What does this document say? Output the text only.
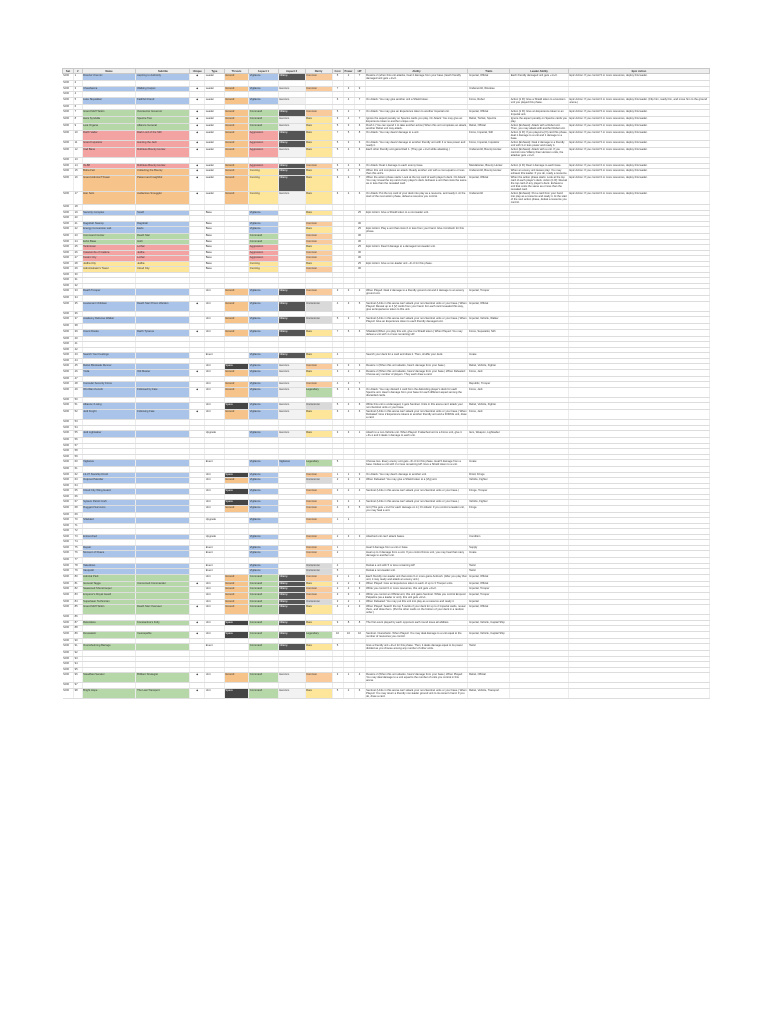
Set	#	Name	Subtitle	Unique	Type	Thrusts	Aspect 1	Aspect 2	Rarity	Cost	Power	HP	Ability	Traits	Leader Ability	Epic Action
SOR	1	Director Krennic	Aspiring to Authority	◆	Leader	Ground	Vigilance	Villainy	Common	5	2	7	Restore 2 (when this unit attacks, heal 2 damage from your base.) Each friendly damaged unit gets +1/+0.	Imperial, Official	Each friendly damaged unit gets +1/+0.	Epic Action: If you control 5 or more resources, deploy this leader.
SOR	2															
SOR	3	Chewbacca	Walking Carpet	◆	Leader	Ground	Vigilance	Heroism	Common	7	3	9		Underworld, Wookiee		
SOR	4															
SOR	5	Luke Skywalker	Faithful Friend	◆	Leader	Ground	Vigilance	Heroism		6	4	7	On Attack: You may give another unit a Shield token.	Force, Rebel	Action [1 R]: Give a Shield token to a Heroism unit you played this phase.	Epic Action: If you control 6 or more resources, deploy this leader. (Flip him, ready him, and move him to the ground arena.)
SOR	6															
SOR	7	Grand Moff Tarkin	Oversector Governor	◆	Leader	Ground	Command	Villainy	Common	5	2	7	On Attack: You may give an Experience token to another Imperial unit.	Imperial, Official	Action [1 R]: Give an Experience token to an Imperial unit.	Epic Action: If you control 5 or more resources, deploy this leader.
SOR	8	Hera Syndulla	Spectre Two	◆	Leader	Ground	Command	Heroism	Rare	6	4	7	Ignore the aspect penalty on Spectre cards you play. On Attack: You may give an Experience token to another unique unit.	Rebel, Twi'lek, Spectre	Ignore the aspect penalty on Spectre cards you play.	Epic Action: If you control 6 or more resources, deploy this leader.
SOR	9	Leia Organa	Alliance General	◆	Leader	Ground	Command	Heroism	Rare	5	3	6	Rush 1 (You can spend 1 to take another action) When this unit completes an attack, another Rebel unit may attack.	Rebel, Official	Action [Exhaust]: Attack with a Rebel unit. Then, you may attack with another Rebel unit.	Epic Action: If you control 5 or more resources, deploy this leader.
SOR	10	Darth Vader	Dark Lord of the Sith	◆	Leader	Ground	Aggression	Villainy	Rare	7	5	8	On Attack: You may deal 2 damage to a unit.	Force, Imperial, Sith	Action [1 R]: If you played a [V] card this phase, deal 1 damage to a unit and 1 damage to a base.	Epic Action: If you control 7 or more resources, deploy this leader.
SOR	11	Grand Inquisitor	Hunting the Jedi	◆	Leader	Ground	Aggression	Villainy	Rare	5	3	6	On Attack: You may deal 2 damage to another friendly unit with 3 or less power and ready it.	Force, Imperial, Inquisitor	Action [Exhaust]: Deal 2 damage to a friendly unit with 3 or less power and ready it.	Epic Action: If you control 5 or more resources, deploy this leader.
SOR	12	Cad Bane	Ruthless Bounty Hunter	◆	Leader	Ground	Aggression	Heroism	Rare	5	4	6	Each other friendly unit gains Raid 1. (They get +1/+0 while attacking.)	Underworld, Bounty Hunter	Action [Exhaust]: Attack with a unit. If you control more Villainy than Heroism units, the attacker gets +1/+0.	Epic Action: If you control 5 or more resources, deploy this leader.
SOR	13															
SOR	14	IG-88	Ruthless Bounty Hunter	◆	Leader	Ground	Aggression	Villainy	Common	6	4	6	On Attack: Deal 1 damage to each enemy base.	Mandalorian, Bounty Hunter	Action [1 R]: Deal 1 damage to each base.	Epic Action: If you control 6 or more resources, deploy this leader.
SOR	15	Boba Fett	Collecting the Bounty	◆	Leader	Ground	Cunning	Villainy	Rare	5	4	5	When this unit completes an attack: Ready another unit with a cost equal to or less than this unit's.	Underworld, Bounty Hunter	When an enemy unit leaves play: You may exhaust this leader. If you do, ready a resource.	Epic Action: If you control 5 or more resources, deploy this leader.
SOR	16	Grand Admiral Thrawn	Patient and Insightful	◆	Leader	Ground	Cunning	Villainy	Rare	6	4	7	When the action phase starts: Look at the top card of each player's deck. On Attack: You may reveal the top card of any player's deck. Exhaust a unit that costs the same as or less than the revealed card.	Imperial, Official	When the action phase starts: Look at the top card of each player's deck. Action [1 R]: Reveal the top card of any player's deck. Exhaust a unit that costs the same as or less than the revealed card.	Epic Action: If you control 6 or more resources, deploy this leader.
SOR	17	Han Solo	Audacious Smuggler	◆	Leader	Ground	Cunning	Heroism	Rare	6	4	6	On Attack: Put the top card of your deck into play as a resource, and ready it. At the start of the next action phase, defeat a resource you control.	Underworld	Action [Exhaust]: Put a card from your hand into play as a resource and ready it. At the start of the next action phase, defeat a resource you control.	Epic Action: If you control 6 or more resources, deploy this leader.
SOR	18															
SOR	19	Security Complex	Scarif		Base		Vigilance		Rare			25	Epic Action: Give a Shield token to a non-leader unit.			
SOR	20															
SOR	21	Dagobah Swamp	Dagobah		Base		Vigilance		Common			30				
SOR	22	Energy Conversion Lab	Eadu		Base		Vigilance		Rare			25	Epic Action: Play a unit that costs 6 or less from your hand. Give it Ambush for this phase.			
SOR	23	Command Center	Death Star		Base		Command		Common			30				
SOR	24	Echo Base	Hoth		Base		Command		Common			30				
SOR	25	Tarkintown	Lothal		Base		Aggression		Rare			25	Epic Action: Deal 3 damage to a damaged non-leader unit.			
SOR	26	Catacombs of Cadera	Jedha		Base		Aggression		Common			30				
SOR	27	Kestro City	Lothal		Base		Aggression		Common			30				
SOR	28	Jedha City	Jedha		Base		Cunning		Rare			25	Epic Action: Give a non-leader unit –4/–0 for this phase.			
SOR	29	Administrator's Tower	Cloud City		Base		Cunning		Common			30				
SOR	30															
SOR	31															
SOR	32															
SOR	33	Death Trooper			Unit	Ground	Vigilance	Villainy	Common	3	3	3	When Played: Deal 2 damage to a friendly ground unit and 2 damage to an enemy ground unit.	Imperial, Trooper		
SOR	34															
SOR	35	Lieutenant Childsen	Death Star Prison Warden	◆	Unit	Ground	Vigilance	Villainy	Uncommon	4	3	5	Sentinel (Units in this arena can't attack your non-Sentinel units or your base.) When Played: Reveal up to 4 [V] cards from your hand. For each card revealed this way, give an Experience token to this unit.	Imperial, Official		
SOR	36															
SOR	37	Academy Defense Walker			Unit	Ground	Vigilance	Villainy	Uncommon	5	3	7	Sentinel (Units in this arena can't attack your non-Sentinel units or your base.) When Played: Give an Experience token to each friendly damaged unit.	Imperial, Vehicle, Walker		
SOR	38															
SOR	39	Count Dooku	Darth Tyranus	◆	Unit	Ground	Vigilance	Villainy	Rare	7	5	6	Shielded (When you play this unit, give it a Shield token.) When Played: You may defeat a unit with 4 or less remaining HP.	Force, Separatist, Sith		
SOR	40															
SOR	41															
SOR	42															
SOR	43	Search Your Feelings			Event		Vigilance	Villainy	Rare	4			Search your deck for a card and draw it. Then, shuffle your deck.	Innate		
SOR	44															
SOR	45	Rebel Blockade Runner			Unit	Space	Vigilance	Heroism	Common	3	3	3	Restore 1 (When this unit attacks, heal 1 damage from your base.)	Rebel, Vehicle, Fighter		
SOR	46	Yoda	Old Master	◆	Unit	Ground	Vigilance	Heroism	Rare	3	2	4	Restore 2 (When this unit attacks, heal 2 damage from your base.) When Defeated: Choose any number of players. They each draw a card.	Force, Jedi		
SOR	47															
SOR	48	Consular Security Force			Unit	Ground	Vigilance	Heroism	Common	4	3	7		Republic, Trooper		
SOR	49	Obi-Wan Kenobi	Followed by Fate	◆	Unit	Ground	Vigilance	Heroism	Legendary	6	4	6	On Attack: You may discard 1 card from the defending player's deck for each Spectre unit. Heal 1 damage from your base for each different aspect among the discarded cards.	Force, Jedi		
SOR	50															
SOR	51	Alliance X-wing			Unit	Space	Vigilance	Heroism	Uncommon	5	4	6	While this unit is undamaged, it gets Sentinel. Units in this arena can't attack your non-Sentinel units or your base.	Rebel, Vehicle, Fighter		
SOR	52	Jedi Knight	Following Fate	◆	Unit	Ground	Vigilance	Heroism	Rare	6	4	6	Sentinel (Units in this arena can't attack your non-Sentinel units or your base.) When Defeated: Give 2 Experience tokens to another friendly unit and a FORCE unit, draw a card.	Force, Jedi		
SOR	53															
SOR	54															
SOR	55	Jedi Lightsaber			Upgrade		Vigilance	Heroism	Rare	3	3	1	Attach to a non-Vehicle unit. When Played: If attached unit is a Force unit, give it +3/+1 and it deals 1 damage to each unit.	Item, Weapon, Lightsaber		
SOR	56															
SOR	57															
SOR	58															
SOR	59															
SOR	60	Vigilance			Event		Vigilance	Vigilance	Legendary	5			Choose two. Every enemy unit gets –6/–0 for this phase. Heal 5 damage from a base. Defeat a unit with 3 or less remaining HP. Give a Shield token to a unit.	Innate		
SOR	61															
SOR	62	L3-37 Starship Droid			Unit	Space	Vigilance		Common	1	1	3	On Attack: You may deal 1 damage to another unit.	Droid, Fringe		
SOR	63	Outpost Patroller			Unit	Ground	Vigilance		Uncommon	2	2	3	When Defeated: You may give a Shield token to a [Vig] unit.	Vehicle, Fighter		
SOR	64															
SOR	65	Cloud City Wing Guard			Unit	Space	Vigilance		Common	3	2	4	Sentinel (Units in this arena can't attack your non-Sentinel units or your base.)	Fringe, Trooper		
SOR	66															
SOR	67	System Patrol Craft			Unit	Space	Vigilance		Common	3	2	4	Sentinel (Units in this arena can't attack your non-Sentinel units or your base.)	Vehicle, Fighter		
SOR	68	Ruggard Survivors			Unit	Ground	Vigilance		Common	4	3	5	Grit (This gets +1/+0 for each damage on it.) On Attack: If you control a leader unit, you may heal a unit.	Fringe		
SOR	69															
SOR	70	Shielded			Upgrade		Vigilance		Common	1	1					
SOR	71															
SOR	72															
SOR	73	Entrenched			Upgrade		Vigilance		Common	2	3	3	Attached unit can't attack bases.	Condition		
SOR	74															
SOR	75	Repair			Event		Vigilance		Common	1			Heal 3 damage from a unit or base.	Supply		
SOR	76	Moment of Peace			Event		Vigilance		Common	2			Heal up to 3 damage from a unit. If you control Force unit, you may heal that many damage to another unit.	Innate		
SOR	77															
SOR	78	Takedown			Event		Vigilance		Uncommon	4			Defeat a unit with 5 or less remaining HP.	Tactic		
SOR	79	Vanquish			Event		Vigilance		Uncommon	5			Defeat a non-leader unit.	Tactic		
SOR	80	Admiral Piett			Unit	Ground	Command	Villainy	Common	2	1	4	Each friendly non-leader unit that costs 6 or more gains Ambush. (After you play that unit, it may ready and attack an enemy unit.)	Imperial, Official		
SOR	81	General Tagge	Concerned Commander	◆	Unit	Ground	Command	Villainy	Rare	2	2	3	When Played: Give an Experience token to each of up to 3 Trooper units.	Imperial, Official		
SOR	82	Seasoned Shoretrooper			Unit	Ground	Command	Villainy	Common	2	2	3	While you control 6 or more resources, this unit gets +2/+0.	Imperial, Trooper		
SOR	83	Emperor's Royal Guard			Unit	Ground	Command	Villainy	Common	3	3	4	While you control an Official unit, this unit gains Sentinel. While you control Emperor Palpatine (as a leader or unit), this unit gets +0/+1.	Imperial, Trooper		
SOR	84	Superlaser Technician			Unit	Ground	Command	Villainy	Uncommon	3	2	1	When Defeated: You may put this unit into play as a resource and ready it.	Imperial		
SOR	85	Grand Moff Tarkin	Death Star Overseer	◆	Unit	Ground	Command	Villainy	Rare	4	2	3	When Played: Search the top 5 cards of your deck for up to 2 Imperial cards, reveal them, and draw them. (Put the other cards on the bottom of your deck in a random order.)	Imperial, Official		
SOR	86															
SOR	87	Relentless	Konstantine's Folly	◆	Unit	Space	Command	Villainy	Rare	9	8	8	The first event played by each opponent each round loses all abilities.	Imperial, Vehicle, Capital Ship		
SOR	88															
SOR	89	Devastator	Inescapable	◆	Unit	Space	Command	Villainy	Legendary	10	10	10	Sentinel. Overwhelm. When Played: You may deal damage to a unit equal to the number of resources you control.	Imperial, Vehicle, Capital Ship		
SOR	90															
SOR	91	Overwhelming Barrage			Event		Command	Villainy	Rare	5			Give a friendly unit +2/+2 for this phase. Then, it deals damage equal to its power divided as you choose among any number of other units.	Tactic		
SOR	92															
SOR	93															
SOR	94															
SOR	95															
SOR	96	Steadfast Senator	Brilliant Strategist	◆	Unit	Ground	Command	Heroism	Common	3	1	4	Restore 2 (When this unit attacks, heal 2 damage from your base.) When Played: You may deal damage to a unit equal to the number of units you control in this arena.	Rebel, Official		
SOR	97															
SOR	98	Bright Hope	The Last Transport	◆	Unit	Space	Command	Heroism	Rare	5	2	6	Sentinel (Units in this arena can't attack your non-Sentinel units or your base.) When Played: You may return a friendly non-leader ground unit to its owner's hand. If you do, draw a card.	Rebel, Vehicle, Transport		
